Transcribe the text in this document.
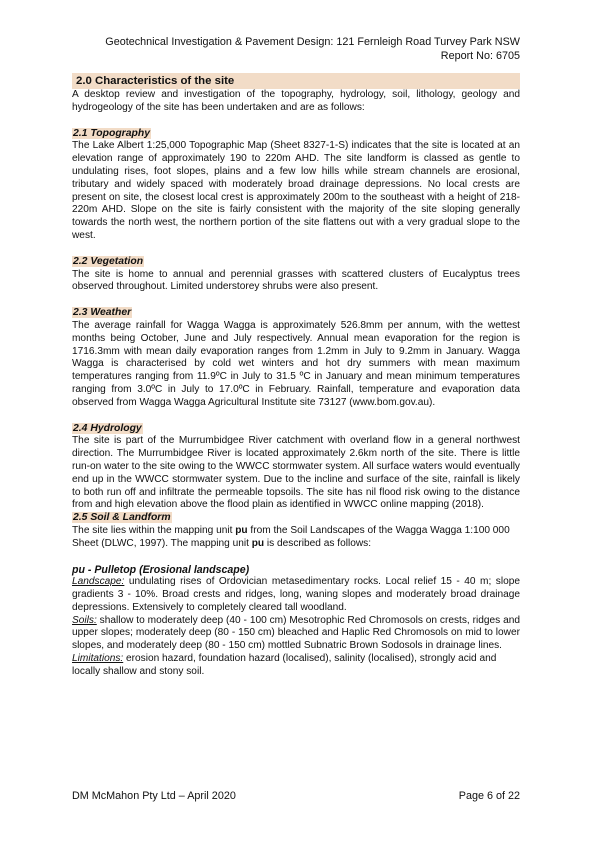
Geotechnical Investigation & Pavement Design: 121 Fernleigh Road Turvey Park NSW
Report No: 6705
2.0 Characteristics of the site

A desktop review and investigation of the topography, hydrology, soil, lithology, geology and hydrogeology of the site has been undertaken and are as follows:

2.1 Topography

The Lake Albert 1:25,000 Topographic Map (Sheet 8327-1-S) indicates that the site is located at an elevation range of approximately 190 to 220m AHD. The site landform is classed as gentle to undulating rises, foot slopes, plains and a few low hills while stream channels are erosional, tributary and widely spaced with moderately broad drainage depressions. No local crests are present on site, the closest local crest is approximately 200m to the southeast with a height of 218-220m AHD. Slope on the site is fairly consistent with the majority of the site sloping generally towards the north west, the northern portion of the site flattens out with a very gradual slope to the west.

2.2 Vegetation

The site is home to annual and perennial grasses with scattered clusters of Eucalyptus trees observed throughout. Limited understorey shrubs were also present.

2.3 Weather

The average rainfall for Wagga Wagga is approximately 526.8mm per annum, with the wettest months being October, June and July respectively. Annual mean evaporation for the region is 1716.3mm with mean daily evaporation ranges from 1.2mm in July to 9.2mm in January. Wagga Wagga is characterised by cold wet winters and hot dry summers with mean maximum temperatures ranging from 11.9ºC in July to 31.5 ºC in January and mean minimum temperatures ranging from 3.0ºC in July to 17.0ºC in February. Rainfall, temperature and evaporation data observed from Wagga Wagga Agricultural Institute site 73127 (www.bom.gov.au).

2.4 Hydrology

The site is part of the Murrumbidgee River catchment with overland flow in a general northwest direction. The Murrumbidgee River is located approximately 2.6km north of the site. There is little run-on water to the site owing to the WWCC stormwater system. All surface waters would eventually end up in the WWCC stormwater system. Due to the incline and surface of the site, rainfall is likely to both run off and infiltrate the permeable topsoils. The site has nil flood risk owing to the distance from and high elevation above the flood plain as identified in WWCC online mapping (2018).

2.5 Soil & Landform

The site lies within the mapping unit pu from the Soil Landscapes of the Wagga Wagga 1:100 000 Sheet (DLWC, 1997). The mapping unit pu is described as follows:

pu - Pulletop (Erosional landscape)

Landscape: undulating rises of Ordovician metasedimentary rocks. Local relief 15 - 40 m; slope gradients 3 - 10%. Broad crests and ridges, long, waning slopes and moderately broad drainage depressions. Extensively to completely cleared tall woodland.

Soils: shallow to moderately deep (40 - 100 cm) Mesotrophic Red Chromosols on crests, ridges and upper slopes; moderately deep (80 - 150 cm) bleached and Haplic Red Chromosols on mid to lower slopes, and moderately deep (80 - 150 cm) mottled Subnatric Brown Sodosols in drainage lines.

Limitations: erosion hazard, foundation hazard (localised), salinity (localised), strongly acid and locally shallow and stony soil.

DM McMahon Pty Ltd – April 2020	Page 6 of 22
